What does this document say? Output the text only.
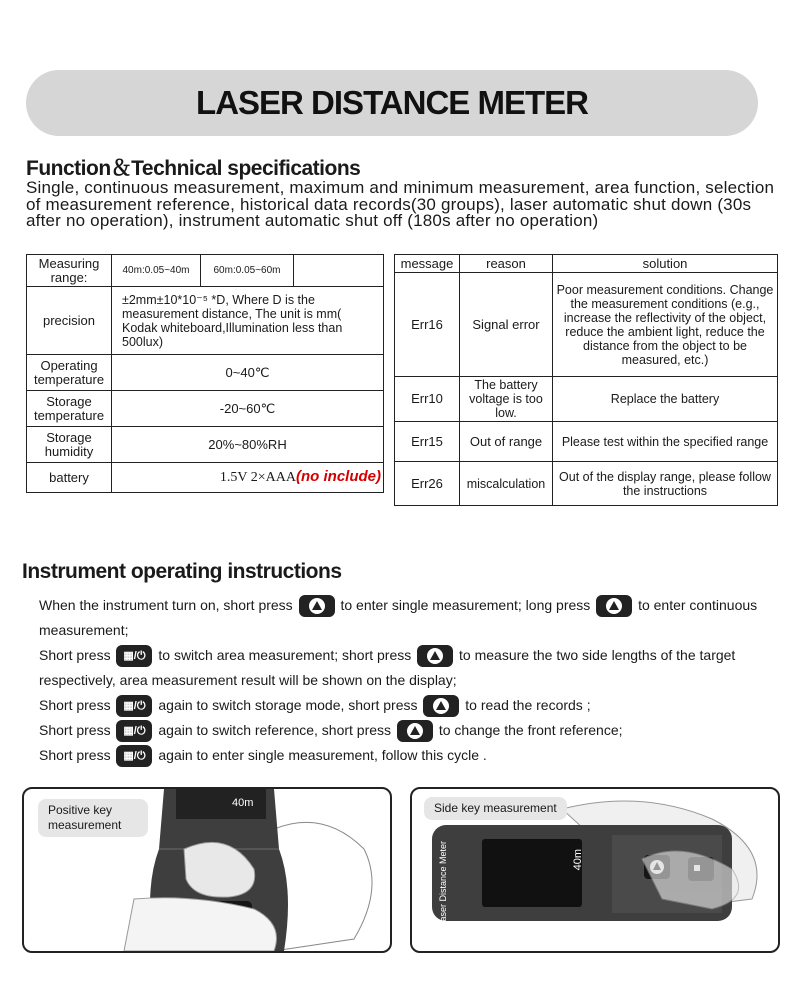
LASER DISTANCE METER
Function＆Technical specifications
Single, continuous measurement, maximum and minimum measurement, area function, selection of measurement reference, historical data records(30 groups), laser automatic shut down (30s after no operation), instrument automatic shut off (180s after no operation)
Measuring range:	40m:0.05~40m	60m:0.05~60m	
precision	±2mm±10*10⁻⁵ *D, Where D is the measurement distance, The unit is mm( Kodak whiteboard,Illumination less than 500lux)		
Operating temperature	0~40℃		
Storage temperature	-20~60℃		
Storage humidity	20%~80%RH		
battery	1.5V 2×AAA(no include)		
message	reason	solution
Err16	Signal error	Poor measurement conditions. Change the measurement conditions (e.g., increase the reflectivity of the object, reduce the ambient light, reduce the distance from the object to be measured, etc.)
Err10	The battery voltage is too low.	Replace the battery
Err15	Out of range	Please test within the specified range
Err26	miscalculation	Out of the display range, please follow the instructions
Instrument operating instructions

When the instrument turn on, short press	to enter single measurement; long press	to enter continuous measurement;

Short press ▦/⏻ to switch area measurement; short press	to measure the two side lengths of the target respectively, area measurement result will be shown on the display;

Short press ▦/⏻ again to switch storage mode, short press	to read the records ;

Short press ▦/⏻ again to switch reference, short press	to change the front reference;

Short press ▦/⏻ again to enter single measurement, follow this cycle .

40m
Positive key measurement
Laser Distance Meter	40m
Side key measurement
